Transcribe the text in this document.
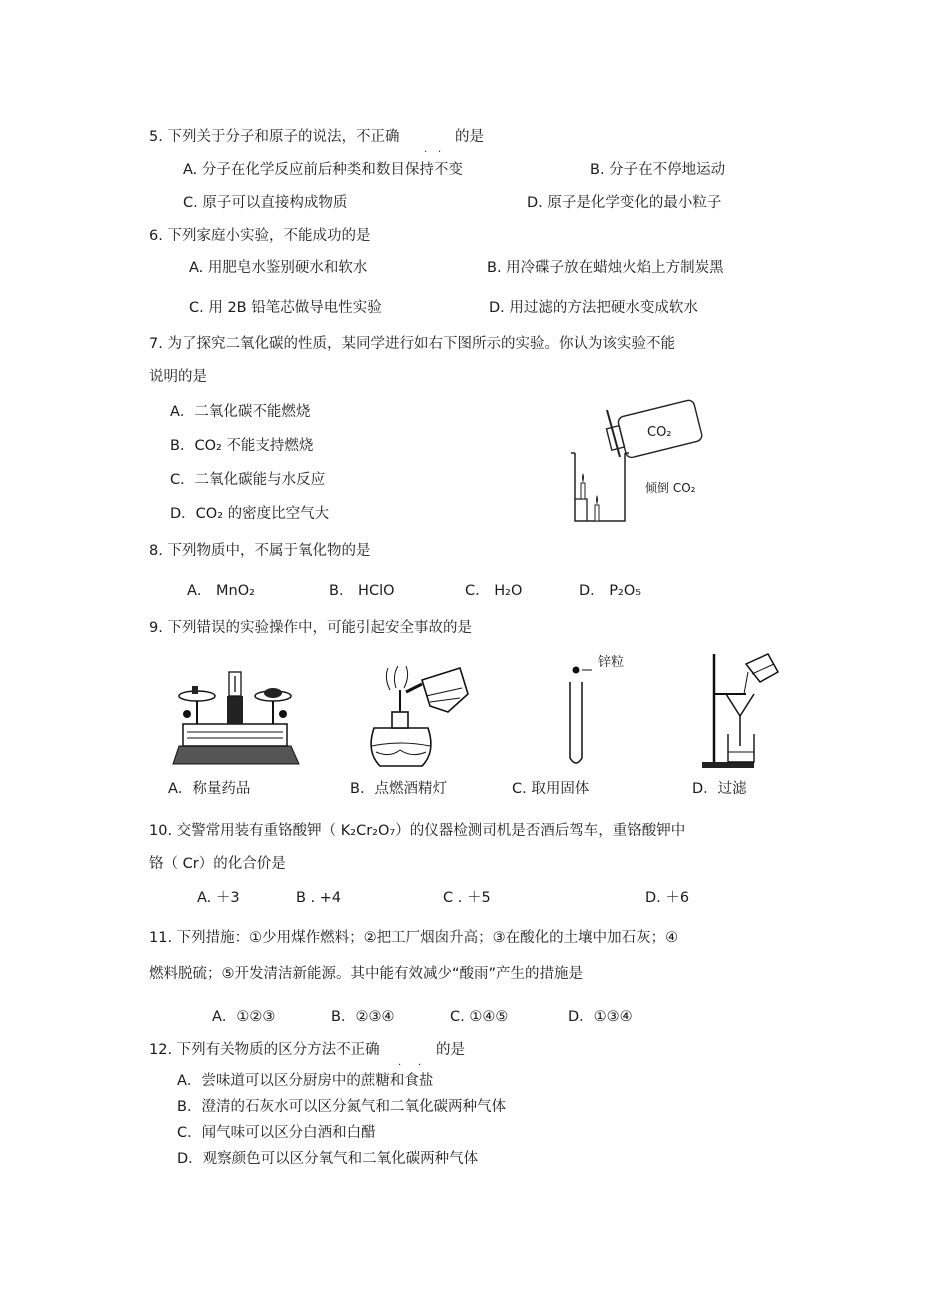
5. 下列关于分子和原子的说法，不正确
. .
的是
A. 分子在化学反应前后种类和数目保持不变	B. 分子在不停地运动
C. 原子可以直接构成物质	D. 原子是化学变化的最小粒子
6. 下列家庭小实验，不能成功的是
A. 用肥皂水鉴别硬水和软水	B. 用冷碟子放在蜡烛火焰上方制炭黑
C. 用 2B 铅笔芯做导电性实验	D. 用过滤的方法把硬水变成软水
7. 为了探究二氧化碳的性质，某同学进行如右下图所示的实验。你认为该实验不能
说明的是
A．二氧化碳不能燃烧
B．CO₂ 不能支持燃烧
C．二氧化碳能与水反应
D．CO₂ 的密度比空气大
CO₂
倾倒 CO₂
8. 下列物质中，不属于氧化物的是
A． MnO₂	B． HClO	C． H₂O	D． P₂O₅
9. 下列错误的实验操作中，可能引起安全事故的是
锌粒
A．称量药品	B．点燃酒精灯	C. 取用固体	D．过滤
10. 交警常用装有重铬酸钾（ K₂Cr₂O₇）的仪器检测司机是否酒后驾车，重铬酸钾中
铬（ Cr）的化合价是
A. ＋3	B . +4	C . ＋5	D. ＋6
11. 下列措施：①少用煤作燃料；②把工厂烟囱升高；③在酸化的土壤中加石灰；④
燃料脱硫；⑤开发清洁新能源。其中能有效减少“酸雨”产生的措施是
A．①②③	B．②③④	C. ①④⑤	D．①③④
12. 下列有关物质的区分方法不正确
. .
的是
A．尝味道可以区分厨房中的蔗糖和食盐
B．澄清的石灰水可以区分氮气和二氧化碳两种气体
C．闻气味可以区分白酒和白醋
D．观察颜色可以区分氧气和二氧化碳两种气体
